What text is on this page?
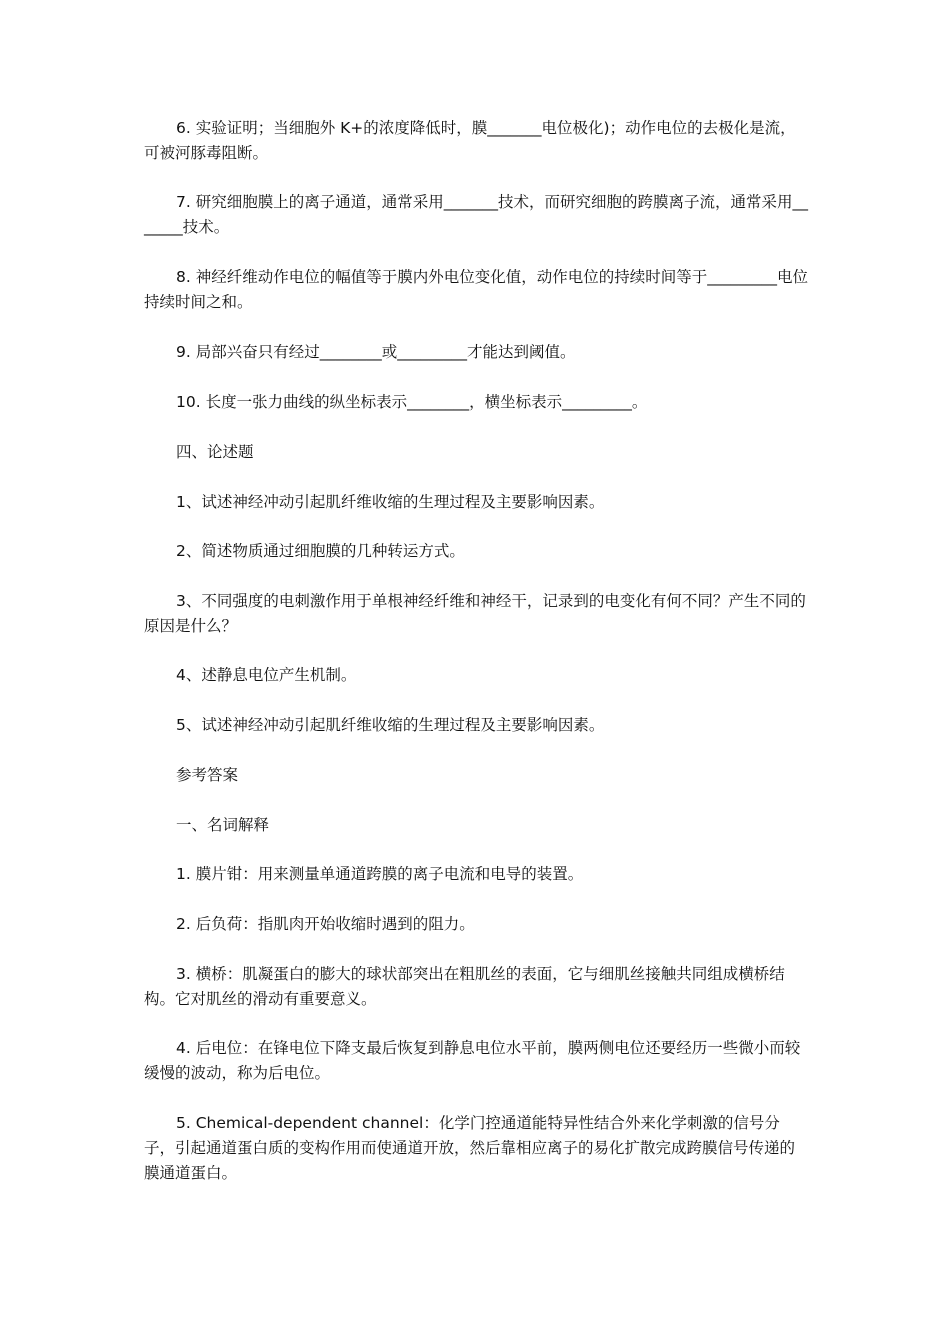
6. 实验证明；当细胞外 K+的浓度降低时，膜_______电位极化)；动作电位的去极化是流，可被河豚毒阻断。

7. 研究细胞膜上的离子通道，通常采用_______技术，而研究细胞的跨膜离子流，通常采用_______技术。

8. 神经纤维动作电位的幅值等于膜内外电位变化值，动作电位的持续时间等于_________电位持续时间之和。

9. 局部兴奋只有经过________或_________才能达到阈值。

10. 长度一张力曲线的纵坐标表示________，横坐标表示_________。

四、论述题

1、试述神经冲动引起肌纤维收缩的生理过程及主要影响因素。

2、简述物质通过细胞膜的几种转运方式。

3、不同强度的电刺激作用于单根神经纤维和神经干，记录到的电变化有何不同？产生不同的原因是什么？

4、述静息电位产生机制。

5、试述神经冲动引起肌纤维收缩的生理过程及主要影响因素。

参考答案

一、名词解释

1. 膜片钳：用来测量单通道跨膜的离子电流和电导的装置。

2. 后负荷：指肌肉开始收缩时遇到的阻力。

3. 横桥：肌凝蛋白的膨大的球状部突出在粗肌丝的表面，它与细肌丝接触共同组成横桥结构。它对肌丝的滑动有重要意义。

4. 后电位：在锋电位下降支最后恢复到静息电位水平前，膜两侧电位还要经历一些微小而较缓慢的波动，称为后电位。

5. Chemical-dependent channel：化学门控通道能特异性结合外来化学刺激的信号分子，引起通道蛋白质的变构作用而使通道开放，然后靠相应离子的易化扩散完成跨膜信号传递的膜通道蛋白。
